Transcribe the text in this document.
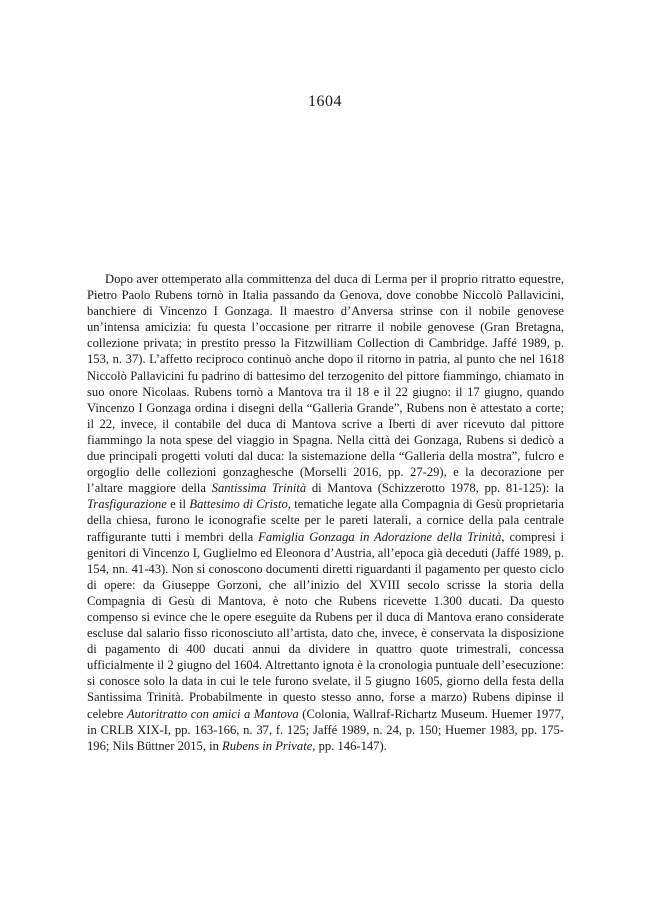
1604

Dopo aver ottemperato alla committenza del duca di Lerma per il proprio ritratto equestre, Pietro Paolo Rubens tornò in Italia passando da Genova, dove conobbe Niccolò Pallavicini, banchiere di Vincenzo I Gonzaga. Il maestro d’Anversa strinse con il nobile genovese un’intensa amicizia: fu questa l’occasione per ritrarre il nobile genovese (Gran Bretagna, collezione privata; in prestito presso la Fitzwilliam Collection di Cambridge. Jaffé 1989, p. 153, n. 37). L’affetto reciproco continuò anche dopo il ritorno in patria, al punto che nel 1618 Niccolò Pallavicini fu padrino di battesimo del terzogenito del pittore fiammingo, chiamato in suo onore Nicolaas. Rubens tornò a Mantova tra il 18 e il 22 giugno: il 17 giugno, quando Vincenzo I Gonzaga ordina i disegni della “Galleria Grande”, Rubens non è attestato a corte; il 22, invece, il contabile del duca di Mantova scrive a Iberti di aver ricevuto dal pittore fiammingo la nota spese del viaggio in Spagna. Nella città dei Gonzaga, Rubens si dedicò a due principali progetti voluti dal duca: la sistemazione della “Galleria della mostra”, fulcro e orgoglio delle collezioni gonzaghesche (Morselli 2016, pp. 27-29), e la decorazione per l’altare maggiore della Santissima Trinità di Mantova (Schizzerotto 1978, pp. 81-125): la Trasfigurazione e il Battesimo di Cristo, tematiche legate alla Compagnia di Gesù proprietaria della chiesa, furono le iconografie scelte per le pareti laterali, a cornice della pala centrale raffigurante tutti i membri della Famiglia Gonzaga in Adorazione della Trinità, compresi i genitori di Vincenzo I, Guglielmo ed Eleonora d’Austria, all’epoca già deceduti (Jaffé 1989, p. 154, nn. 41-43). Non si conoscono documenti diretti riguardanti il pagamento per questo ciclo di opere: da Giuseppe Gorzoni, che all’inizio del XVIII secolo scrisse la storia della Compagnia di Gesù di Mantova, è noto che Rubens ricevette 1.300 ducati. Da questo compenso si evince che le opere eseguite da Rubens per il duca di Mantova erano considerate escluse dal salario fisso riconosciuto all’artista, dato che, invece, è conservata la disposizione di pagamento di 400 ducati annui da dividere in quattro quote trimestrali, concessa ufficialmente il 2 giugno del 1604. Altrettanto ignota è la cronologia puntuale dell’esecuzione: si conosce solo la data in cui le tele furono svelate, il 5 giugno 1605, giorno della festa della Santissima Trinità. Probabilmente in questo stesso anno, forse a marzo) Rubens dipinse il celebre Autoritratto con amici a Mantova (Colonia, Wallraf-Richartz Museum. Huemer 1977, in CRLB XIX-I, pp. 163-166, n. 37, f. 125; Jaffé 1989, n. 24, p. 150; Huemer 1983, pp. 175-196; Nils Büttner 2015, in Rubens in Private, pp. 146-147).
